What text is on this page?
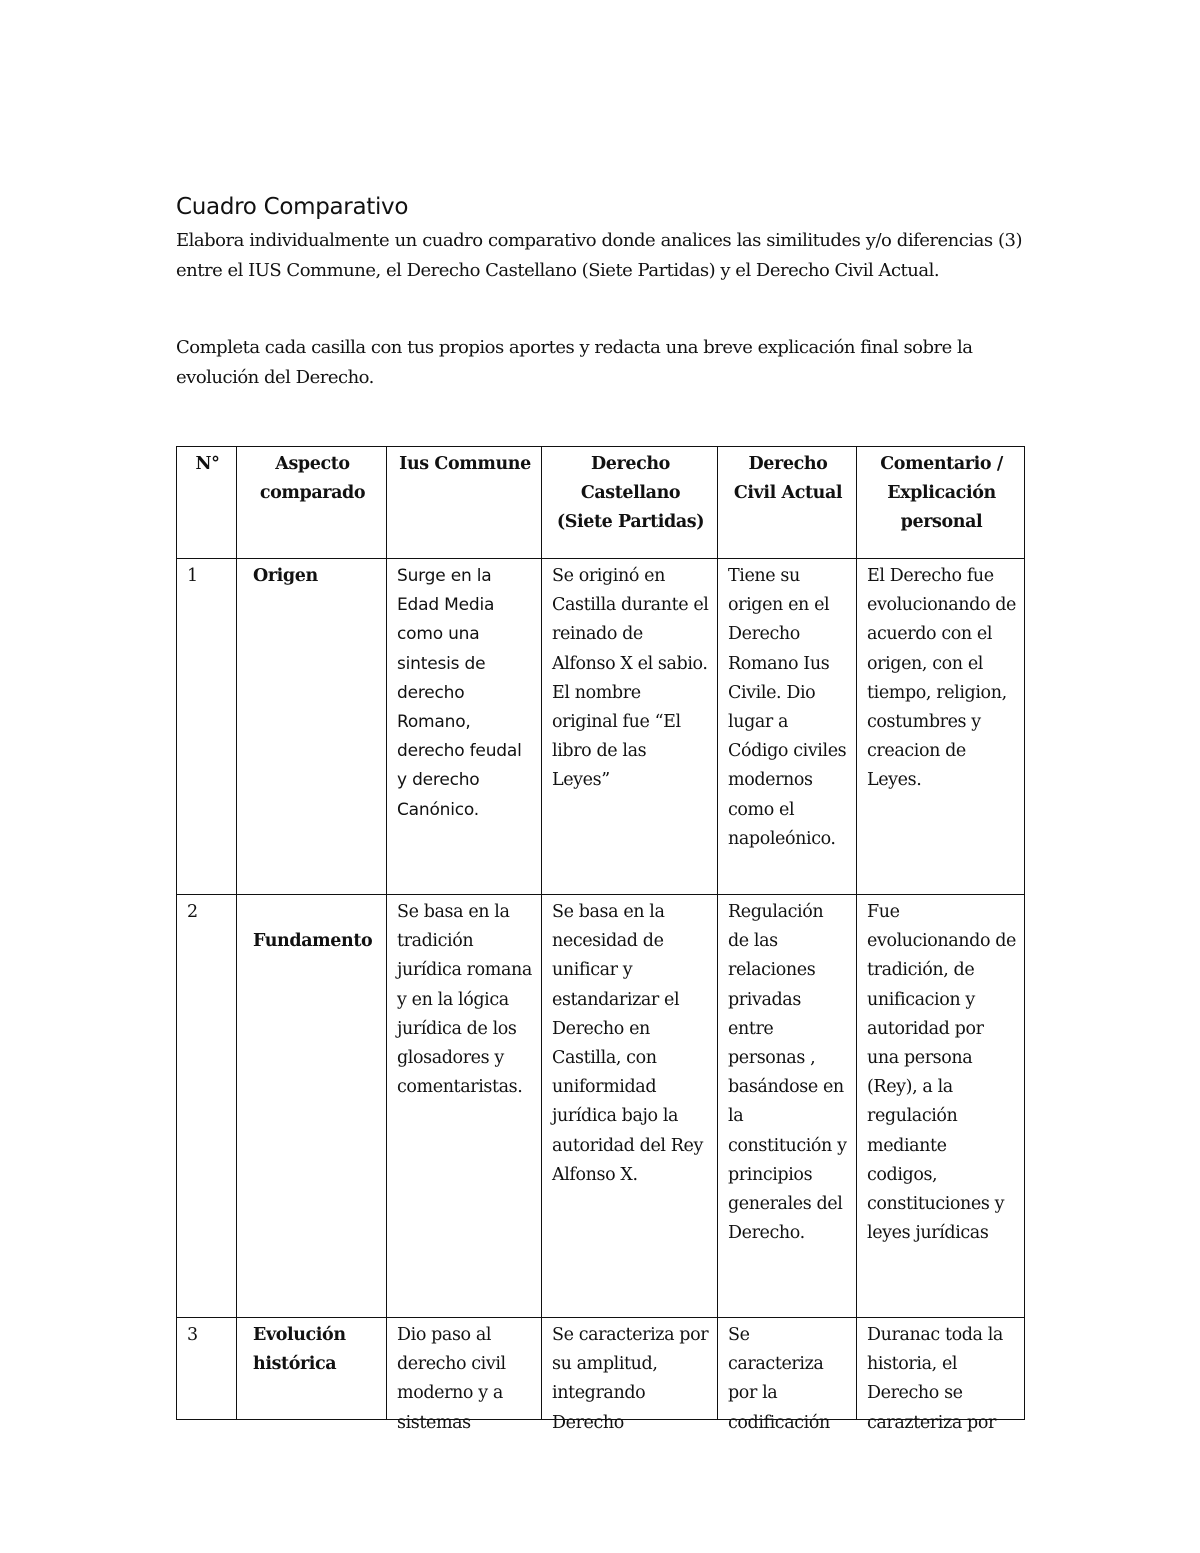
Cuadro Comparativo

Elabora individualmente un cuadro comparativo donde analices las similitudes y/o diferencias (3) entre el IUS Commune, el Derecho Castellano (Siete Partidas) y el Derecho Civil Actual.

Completa cada casilla con tus propios aportes y redacta una breve explicación final sobre la evolución del Derecho.

N°	Aspecto comparado	Ius Commune	Derecho Castellano (Siete Partidas)	Derecho Civil Actual	Comentario / Explicación personal
1	Origen	Surge en la Edad Media como una sintesis de derecho Romano, derecho feudal y derecho Canónico.	Se originó en Castilla durante el reinado de Alfonso X el sabio. El nombre original fue “El libro de las Leyes”	Tiene su origen en el Derecho Romano Ius Civile. Dio lugar a Código civiles modernos como el napoleónico.	El Derecho fue evolucionando de acuerdo con el origen, con el tiempo, religion, costumbres y creacion de Leyes.
2	Fundamento	Se basa en la tradición jurídica romana y en la lógica jurídica de los glosadores y comentaristas.	Se basa en la necesidad de unificar y estandarizar el Derecho en Castilla, con uniformidad jurídica bajo la autoridad del Rey Alfonso X.	Regulación de las relaciones privadas entre personas , basándose en la constitución y principios generales del Derecho.	Fue evolucionando de tradición, de unificacion y autoridad por una persona (Rey), a la regulación mediante codigos, constituciones y leyes jurídicas
3	Evolución histórica	Dio paso al derecho civil moderno y a sistemas	Se caracteriza por su amplitud, integrando Derecho	Se caracteriza por la codificación	Duranac toda la historia, el Derecho se carazteriza por
